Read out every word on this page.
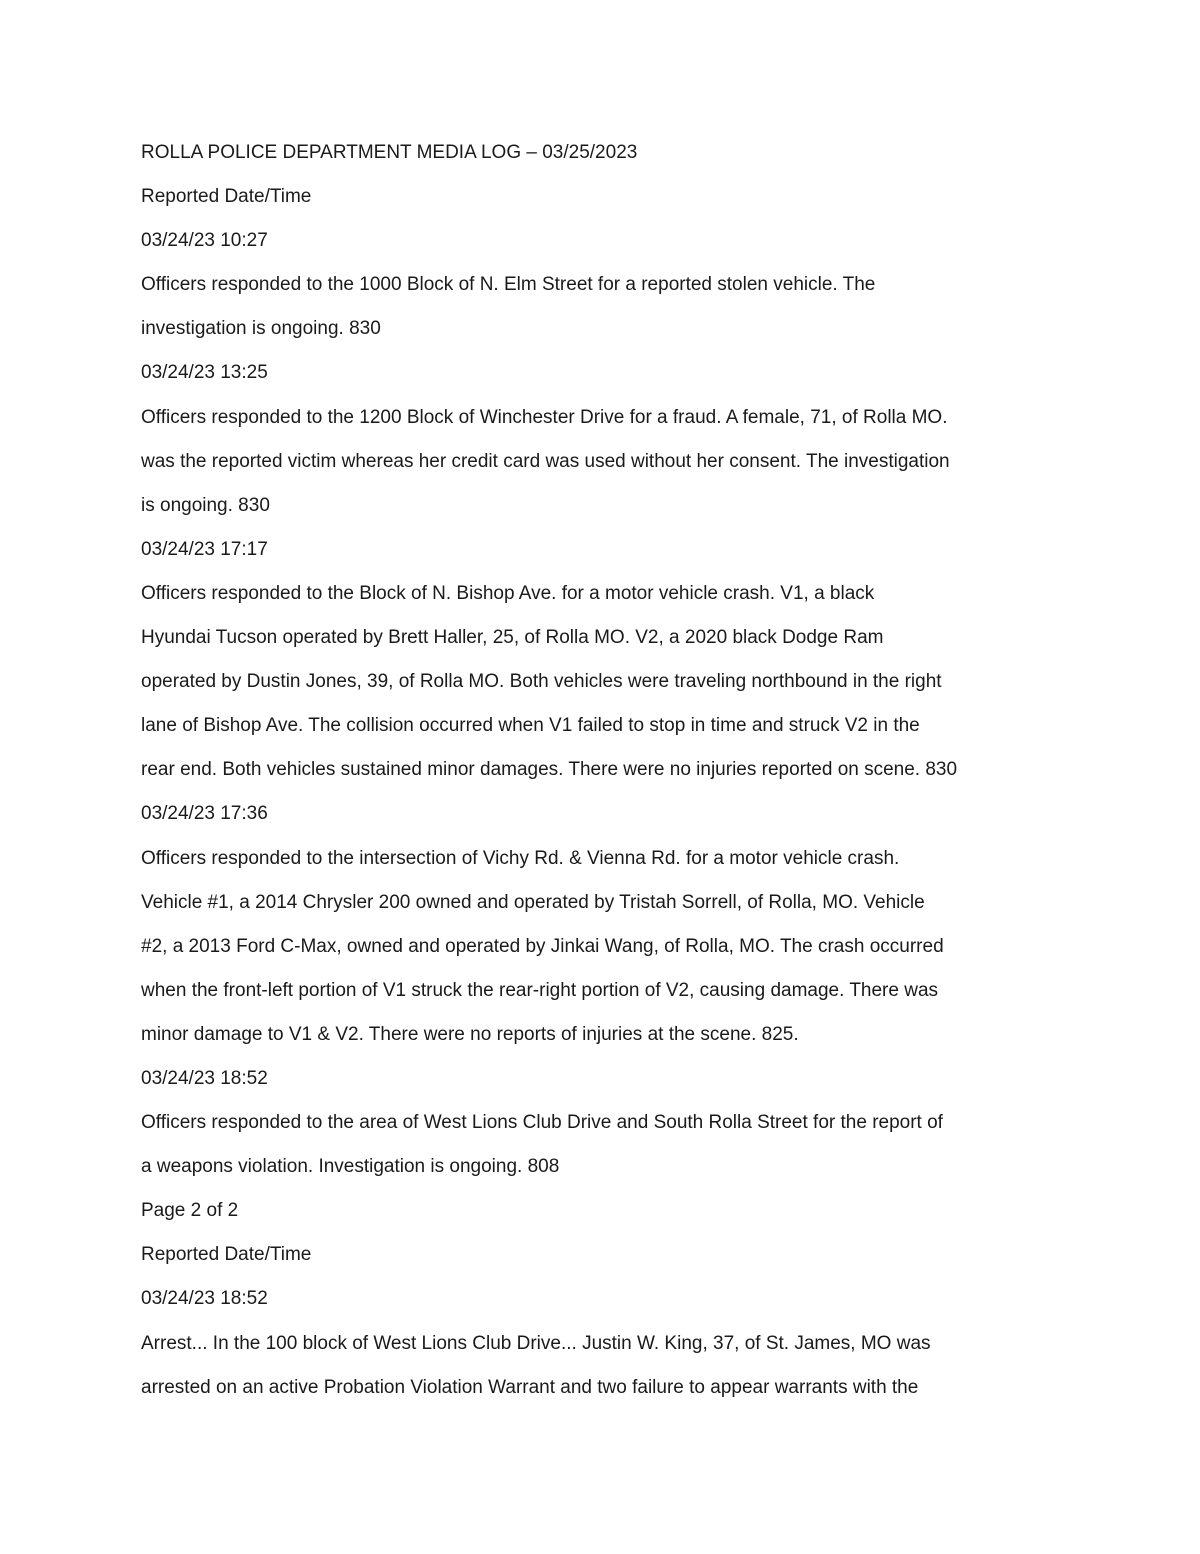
ROLLA POLICE DEPARTMENT MEDIA LOG – 03/25/2023

Reported Date/Time

03/24/23 10:27

Officers responded to the 1000 Block of N. Elm Street for a reported stolen vehicle. The

investigation is ongoing. 830

03/24/23 13:25

Officers responded to the 1200 Block of Winchester Drive for a fraud. A female, 71, of Rolla MO.

was the reported victim whereas her credit card was used without her consent. The investigation

is ongoing. 830

03/24/23 17:17

Officers responded to the Block of N. Bishop Ave. for a motor vehicle crash. V1, a black

Hyundai Tucson operated by Brett Haller, 25, of Rolla MO. V2, a 2020 black Dodge Ram

operated by Dustin Jones, 39, of Rolla MO. Both vehicles were traveling northbound in the right

lane of Bishop Ave. The collision occurred when V1 failed to stop in time and struck V2 in the

rear end. Both vehicles sustained minor damages. There were no injuries reported on scene. 830

03/24/23 17:36

Officers responded to the intersection of Vichy Rd. & Vienna Rd. for a motor vehicle crash.

Vehicle #1, a 2014 Chrysler 200 owned and operated by Tristah Sorrell, of Rolla, MO. Vehicle

#2, a 2013 Ford C-Max, owned and operated by Jinkai Wang, of Rolla, MO. The crash occurred

when the front-left portion of V1 struck the rear-right portion of V2, causing damage. There was

minor damage to V1 & V2. There were no reports of injuries at the scene. 825.

03/24/23 18:52

Officers responded to the area of West Lions Club Drive and South Rolla Street for the report of

a weapons violation. Investigation is ongoing. 808

Page 2 of 2

Reported Date/Time

03/24/23 18:52

Arrest... In the 100 block of West Lions Club Drive... Justin W. King, 37, of St. James, MO was

arrested on an active Probation Violation Warrant and two failure to appear warrants with the
